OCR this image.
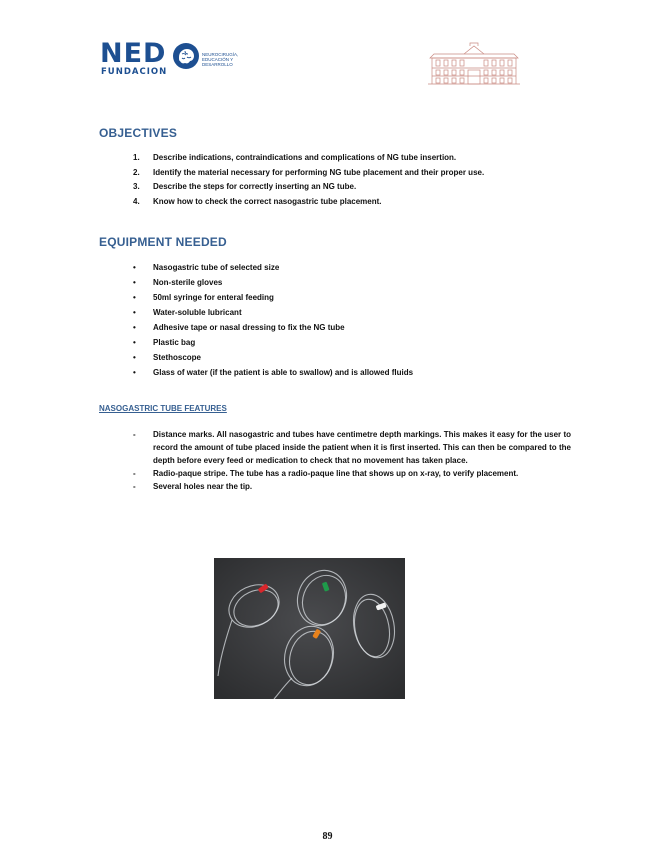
NED
FUNDACION
NEUROCIRUGÍA,
EDUCACIÓN Y
DESARROLLO
OBJECTIVES
1.	Describe indications, contraindications and complications of NG tube insertion.
2.	Identify the material necessary for performing NG tube placement and their proper use.
3.	Describe the steps for correctly inserting an NG tube.
4.	Know how to check the correct nasogastric tube placement.
EQUIPMENT NEEDED
•	Nasogastric tube of selected size
•	Non-sterile gloves
•	50ml syringe for enteral feeding
•	Water-soluble lubricant
•	Adhesive tape or nasal dressing to fix the NG tube
•	Plastic bag
•	Stethoscope
•	Glass of water (if the patient is able to swallow) and is allowed fluids
NASOGASTRIC TUBE FEATURES
-	Distance marks. All nasogastric and tubes have centimetre depth markings. This makes it easy for the user to record the amount of tube placed inside the patient when it is first inserted. This can then be compared to the depth before every feed or medication to check that no movement has taken place.
-	Radio-paque stripe. The tube has a radio-paque line that shows up on x-ray, to verify placement.
-	Several holes near the tip.
89
